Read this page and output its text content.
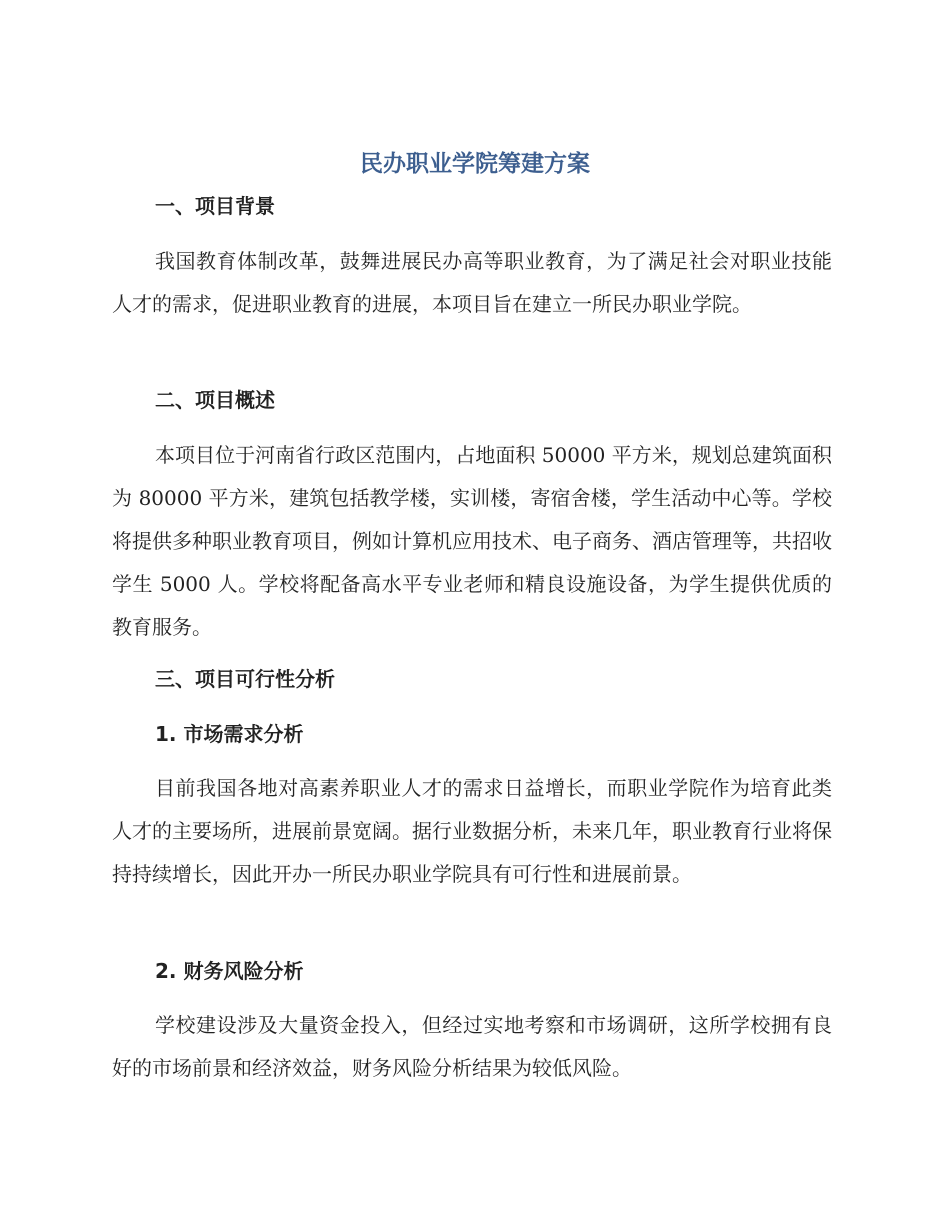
民办职业学院筹建方案
一、项目背景
我国教育体制改革，鼓舞进展民办高等职业教育，为了满足社会对职业技能人才的需求，促进职业教育的进展，本项目旨在建立一所民办职业学院。
二、项目概述
本项目位于河南省行政区范围内，占地面积 50000 平方米，规划总建筑面积为 80000 平方米，建筑包括教学楼，实训楼，寄宿舍楼，学生活动中心等。学校将提供多种职业教育项目，例如计算机应用技术、电子商务、酒店管理等，共招收学生 5000 人。学校将配备高水平专业老师和精良设施设备，为学生提供优质的教育服务。
三、项目可行性分析
1. 市场需求分析
目前我国各地对高素养职业人才的需求日益增长，而职业学院作为培育此类人才的主要场所，进展前景宽阔。据行业数据分析，未来几年，职业教育行业将保持持续增长，因此开办一所民办职业学院具有可行性和进展前景。
2. 财务风险分析
学校建设涉及大量资金投入，但经过实地考察和市场调研，这所学校拥有良好的市场前景和经济效益，财务风险分析结果为较低风险。
